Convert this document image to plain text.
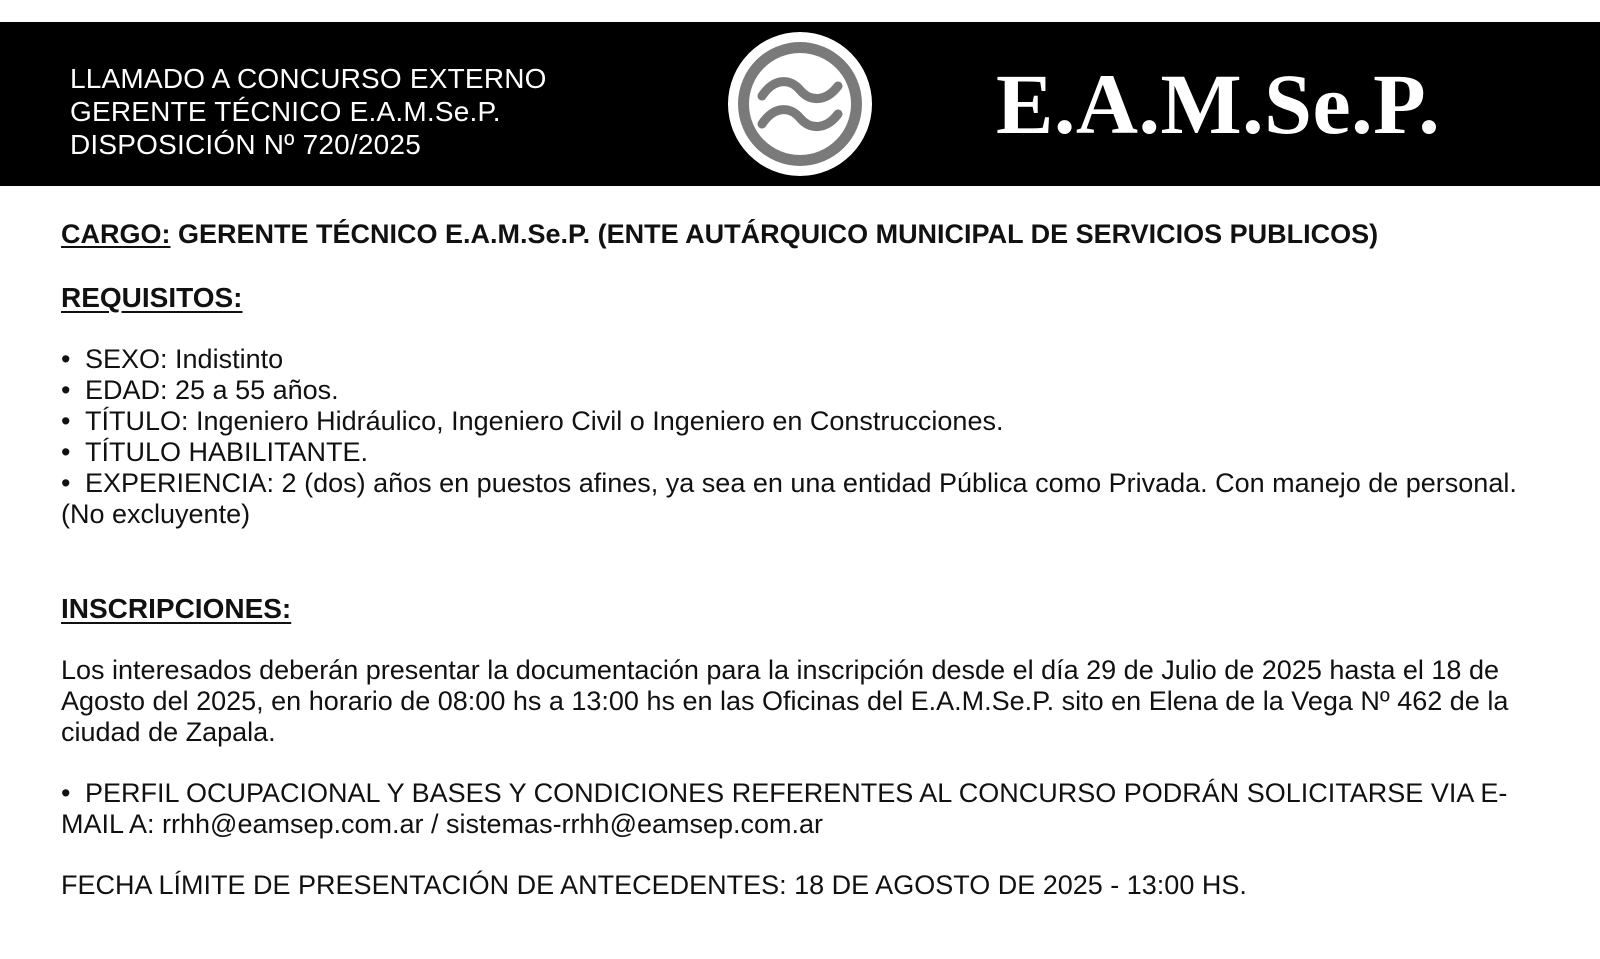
LLAMADO A CONCURSO EXTERNO
GERENTE TÉCNICO E.A.M.Se.P.
DISPOSICIÓN Nº 720/2025	E.A.M.Se.P.
CARGO: GERENTE TÉCNICO E.A.M.Se.P. (ENTE AUTÁRQUICO MUNICIPAL DE SERVICIOS PUBLICOS)
REQUISITOS:
• SEXO: Indistinto
• EDAD: 25 a 55 años.
• TÍTULO: Ingeniero Hidráulico, Ingeniero Civil o Ingeniero en Construcciones.
• TÍTULO HABILITANTE.
• EXPERIENCIA: 2 (dos) años en puestos afines, ya sea en una entidad Pública como Privada. Con manejo de personal. (No excluyente)
INSCRIPCIONES:
Los interesados deberán presentar la documentación para la inscripción desde el día 29 de Julio de 2025 hasta el 18 de Agosto del 2025, en horario de 08:00 hs a 13:00 hs en las Oficinas del E.A.M.Se.P. sito en Elena de la Vega Nº 462 de la ciudad de Zapala.
• PERFIL OCUPACIONAL Y BASES Y CONDICIONES REFERENTES AL CONCURSO PODRÁN SOLICITARSE VIA E-MAIL A: rrhh@eamsep.com.ar / sistemas-rrhh@eamsep.com.ar
FECHA LÍMITE DE PRESENTACIÓN DE ANTECEDENTES: 18 DE AGOSTO DE 2025 - 13:00 HS.
